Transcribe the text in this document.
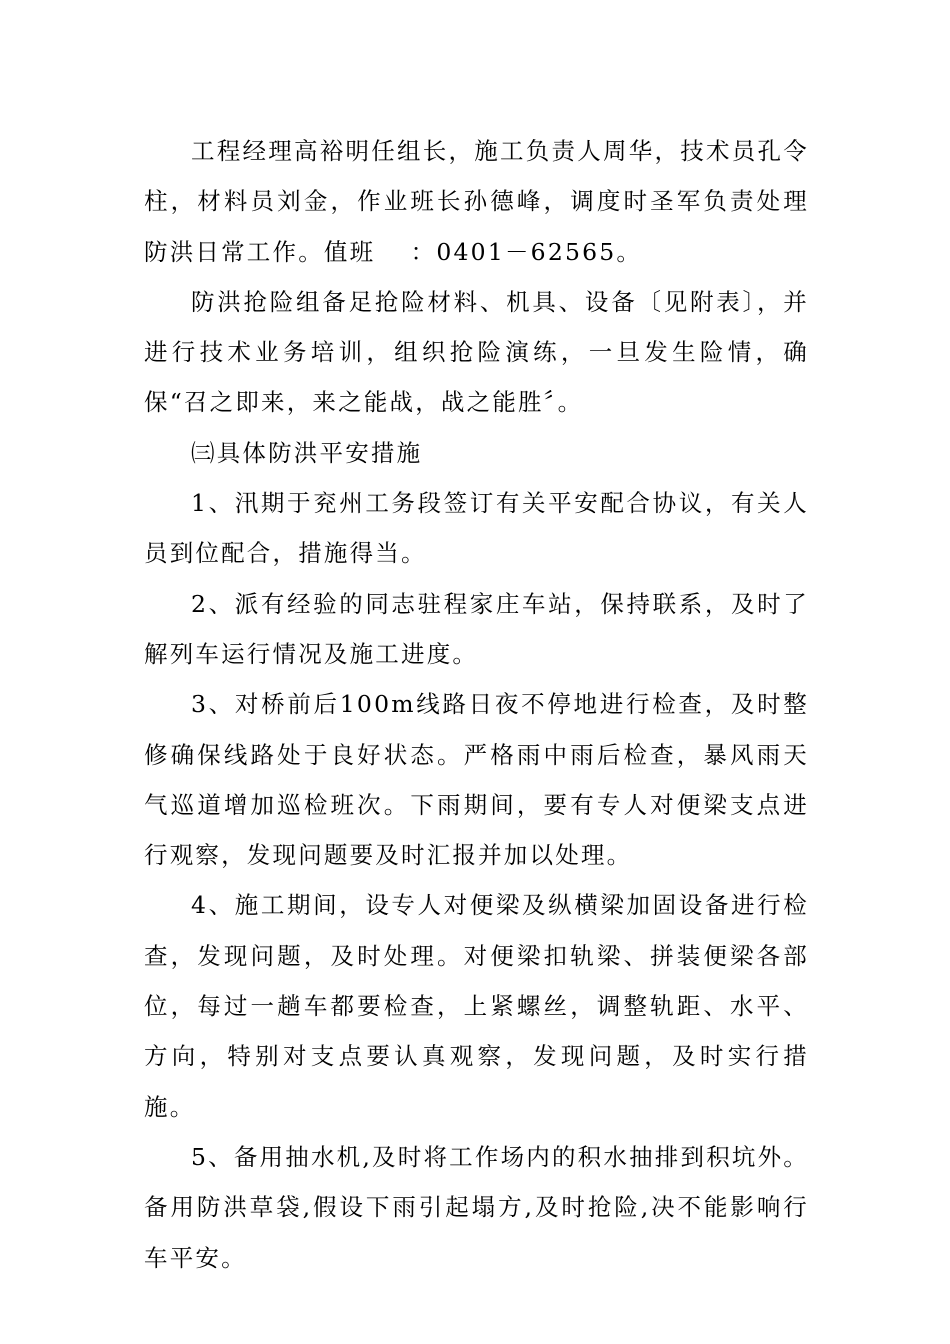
工程经理高裕明任组长，施工负责人周华，技术员孔令柱，材料员刘金，作业班长孙德峰，调度时圣军负责处理防洪日常工作。值班　 ：0401－62565。

防洪抢险组备足抢险材料、机具、设备〔见附表〕，并进行技术业务培训，组织抢险演练，一旦发生险情，确保“召之即来，来之能战，战之能胜〞。

㈢具体防洪平安措施

1、汛期于兖州工务段签订有关平安配合协议，有关人员到位配合，措施得当。

2、派有经验的同志驻程家庄车站，保持联系，及时了解列车运行情况及施工进度。

3、对桥前后100m线路日夜不停地进行检查，及时整修确保线路处于良好状态。严格雨中雨后检查，暴风雨天气巡道增加巡检班次。下雨期间，要有专人对便梁支点进行观察，发现问题要及时汇报并加以处理。

4、施工期间，设专人对便梁及纵横梁加固设备进行检查，发现问题，及时处理。对便梁扣轨梁、拼装便梁各部位，每过一趟车都要检查，上紧螺丝，调整轨距、水平、方向，特别对支点要认真观察，发现问题，及时实行措施。

5、备用抽水机,及时将工作场内的积水抽排到积坑外。备用防洪草袋,假设下雨引起塌方,及时抢险,决不能影响行车平安。
